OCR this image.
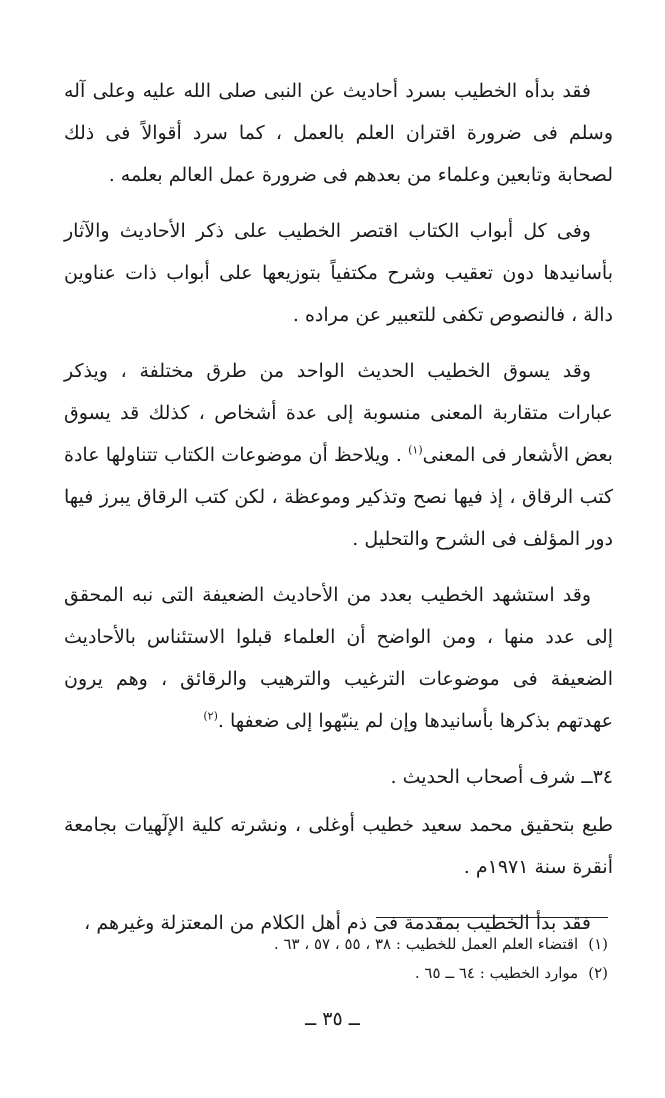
فقد بدأه الخطيب بسرد أحاديث عن النبى صلى الله عليه وعلى آله وسلم فى ضرورة اقتران العلم بالعمل ، كما سرد أقوالاً فى ذلك لصحابة وتابعين وعلماء من بعدهم فى ضرورة عمل العالم بعلمه .

وفى كل أبواب الكتاب اقتصر الخطيب على ذكر الأحاديث والآثار بأسانيدها دون تعقيب وشرح مكتفياً بتوزيعها على أبواب ذات عناوين دالة ، فالنصوص تكفى للتعبير عن مراده .

وقد يسوق الخطيب الحديث الواحد من طرق مختلفة ، ويذكر عبارات متقاربة المعنى منسوبة إلى عدة أشخاص ، كذلك قد يسوق بعض الأشعار فى المعنى$^{(١)}$ . ويلاحظ أن موضوعات الكتاب تتناولها عادة كتب الرقاق ، إذ فيها نصح وتذكير وموعظة ، لكن كتب الرقاق يبرز فيها دور المؤلف فى الشرح والتحليل .

وقد استشهد الخطيب بعدد من الأحاديث الضعيفة التى نبه المحقق إلى عدد منها ، ومن الواضح أن العلماء قبلوا الاستئناس بالأحاديث الضعيفة فى موضوعات الترغيب والترهيب والرقائق ، وهم يرون عهدتهم بذكرها بأسانيدها وإن لم ينبّهوا إلى ضعفها .$^{(٢)}$

٣٤ــ شرف أصحاب الحديث .

طبع بتحقيق محمد سعيد خطيب أوغلى ، ونشرته كلية الإلٓهيات بجامعة أنقرة سنة ١٩٧١م .

فقد بدأ الخطيب بمقدمة فى ذم أهل الكلام من المعتزلة وغيرهم ،

(١)اقتضاء العلم العمل للخطيب : ٣٨ ، ٥٥ ، ٥٧ ، ٦٣ .
(٢)موارد الخطيب : ٦٤ ــ ٦٥ .
ــ ٣٥ ــ
